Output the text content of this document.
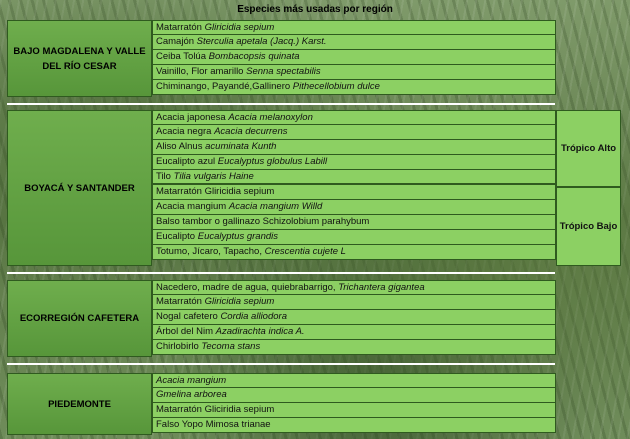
Especies más usadas por región
BAJO MAGDALENA Y VALLE DEL RÍO CESAR
Matarratón Gliricidia sepium
Camajón Sterculia apetala (Jacq.) Karst.
Ceiba Tolúa Bombacopsis quinata
Vainillo, Flor amarillo Senna spectabilis
Chiminango, Payandé,Gallinero Pithecellobium dulce
BOYACÁ Y SANTANDER
Acacia japonesa Acacia melanoxylon
Acacia negra Acacia decurrens
Aliso Alnus acuminata Kunth
Eucalipto azul Eucalyptus globulus Labill
Tilo Tilia vulgaris Haine
Matarratón Gliricidia sepium
Acacia mangium Acacia mangium Willd
Balso tambor o gallinazo Schizolobium parahybum
Eucalipto Eucalyptus grandis
Totumo, Jícaro, Tapacho, Crescentia cujete L
Trópico Alto
Trópico Bajo
ECORREGIÓN CAFETERA
Nacedero, madre de agua, quiebrabarrigo, Trichantera gigantea
Matarratón Gliricidia sepium
Nogal cafetero Cordia alliodora
Árbol del Nim Azadirachta indica A.
Chirlobirlo Tecoma stans
PIEDEMONTE
Acacia mangium
Gmelina arborea
Matarratón Gliciridia sepium
Falso Yopo Mimosa trianae
